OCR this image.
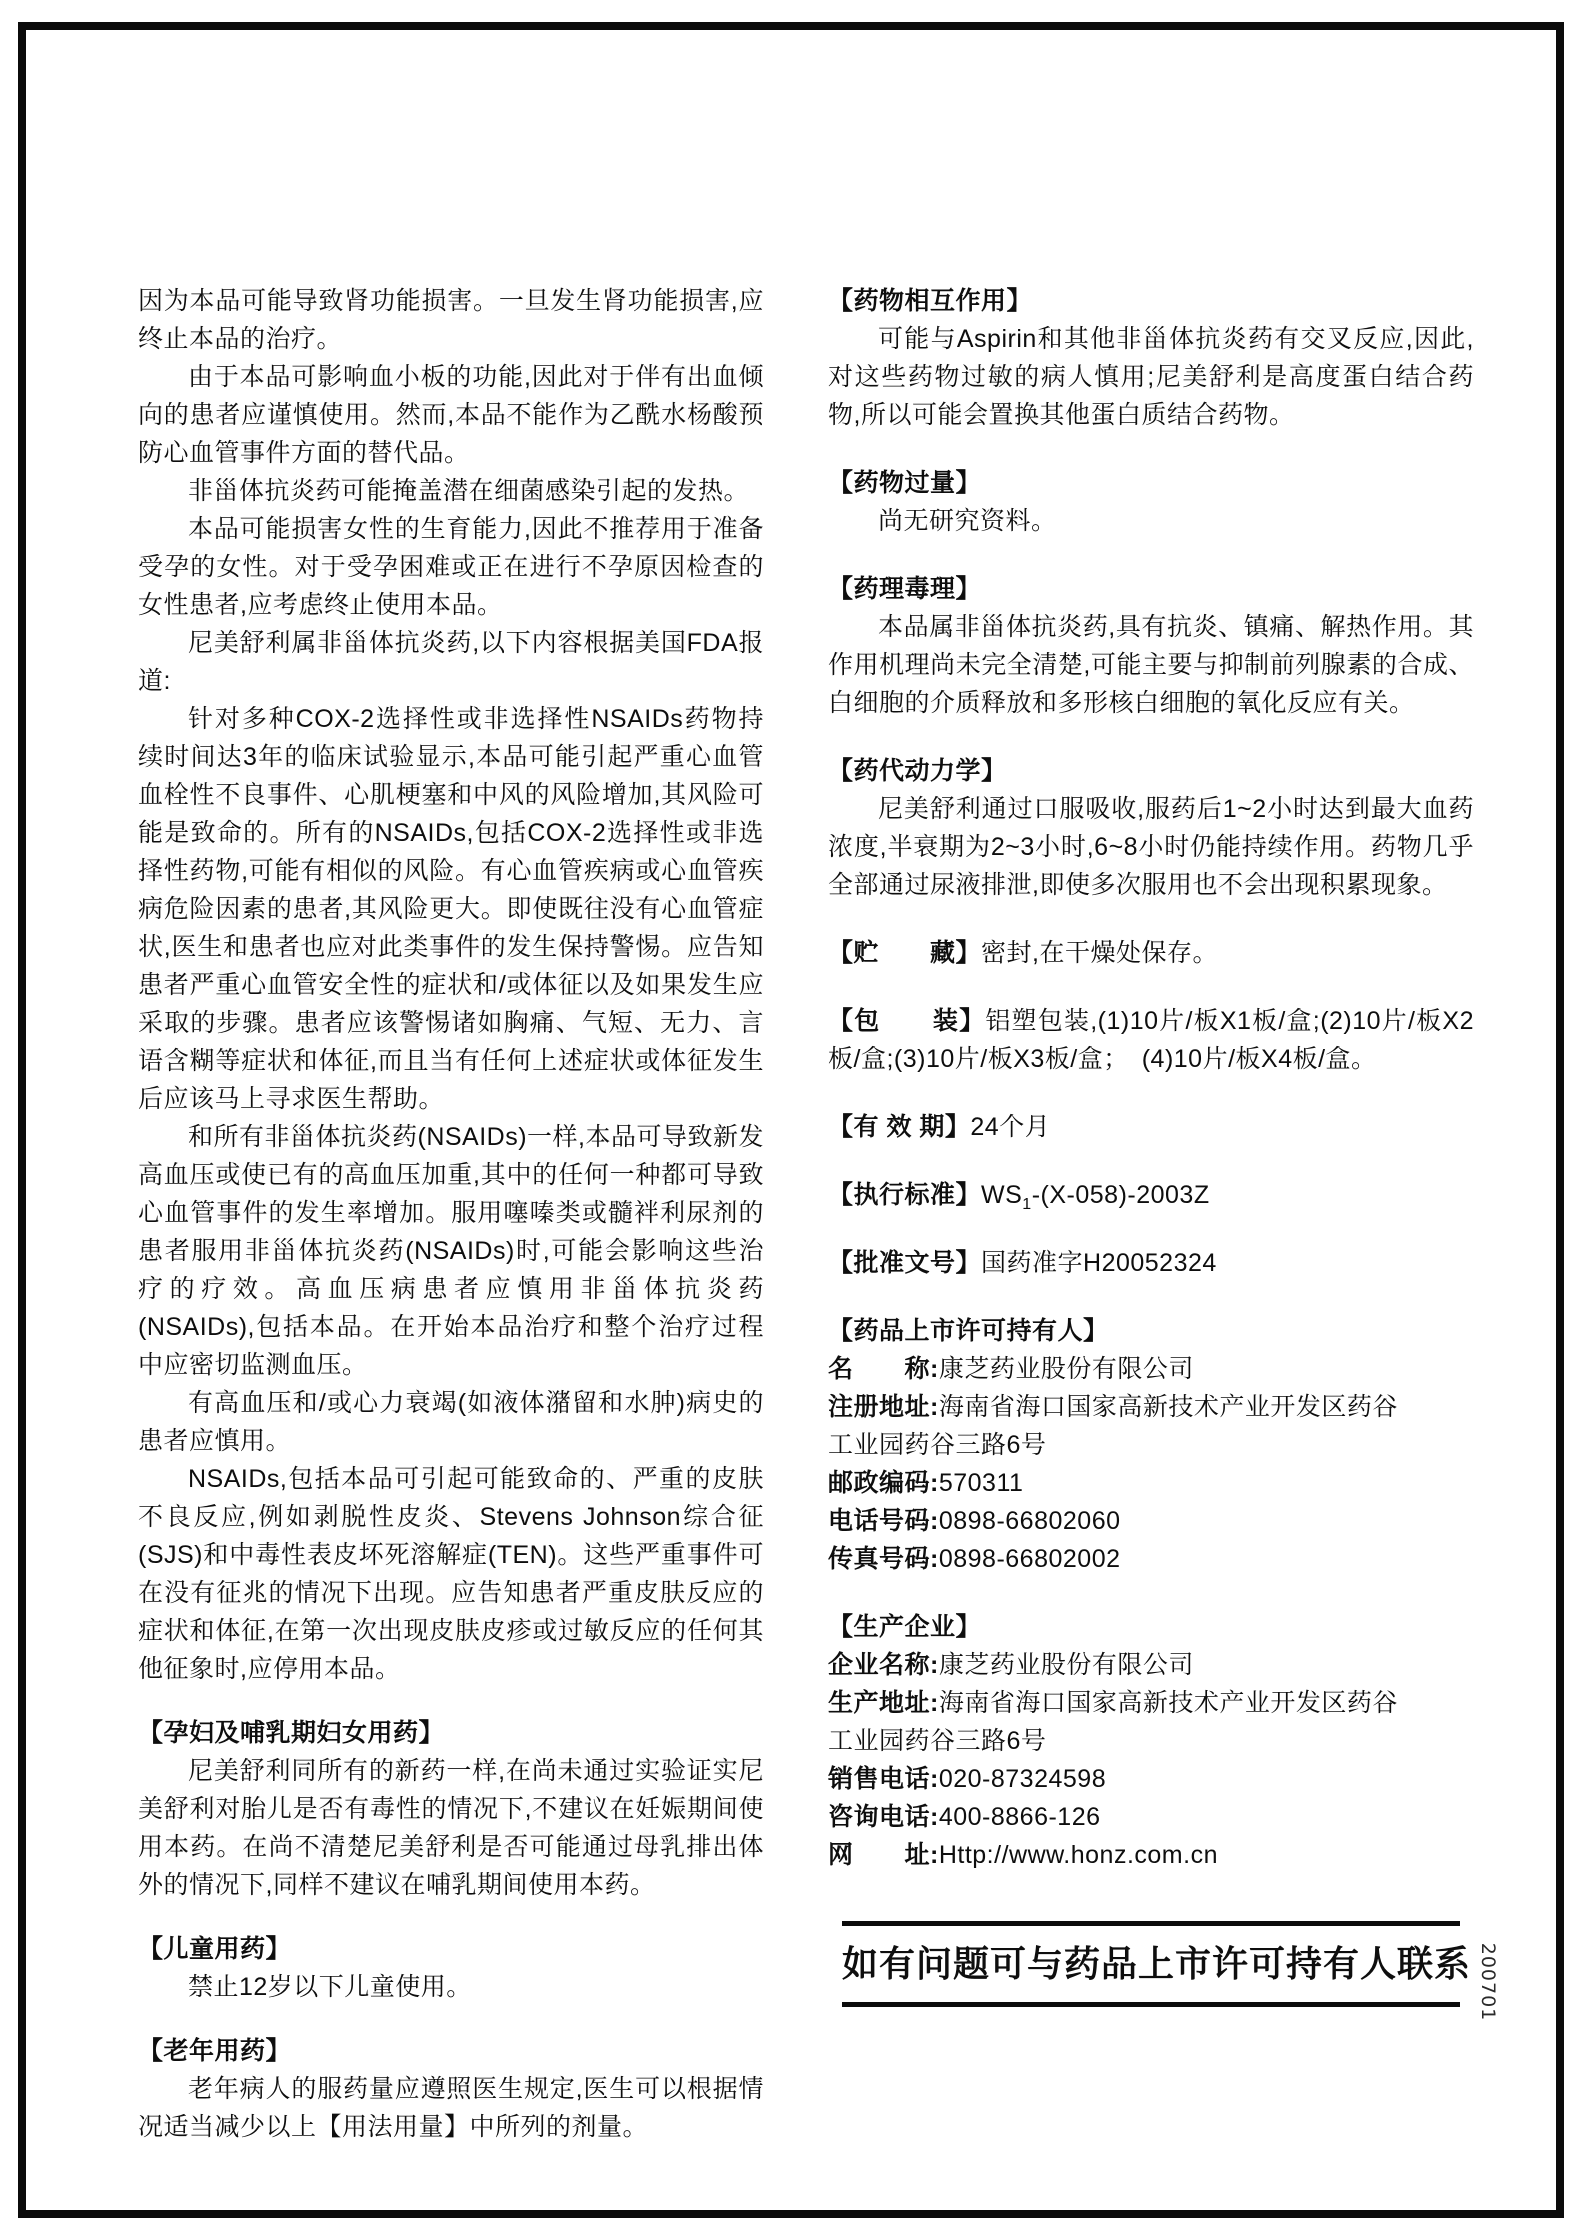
因为本品可能导致肾功能损害。一旦发生肾功能损害,应终止本品的治疗。
由于本品可影响血小板的功能,因此对于伴有出血倾向的患者应谨慎使用。然而,本品不能作为乙酰水杨酸预防心血管事件方面的替代品。
非甾体抗炎药可能掩盖潜在细菌感染引起的发热。
本品可能损害女性的生育能力,因此不推荐用于准备受孕的女性。对于受孕困难或正在进行不孕原因检查的女性患者,应考虑终止使用本品。
尼美舒利属非甾体抗炎药,以下内容根据美国FDA报道:
针对多种COX-2选择性或非选择性NSAIDs药物持续时间达3年的临床试验显示,本品可能引起严重心血管血栓性不良事件、心肌梗塞和中风的风险增加,其风险可能是致命的。所有的NSAIDs,包括COX-2选择性或非选择性药物,可能有相似的风险。有心血管疾病或心血管疾病危险因素的患者,其风险更大。即使既往没有心血管症状,医生和患者也应对此类事件的发生保持警惕。应告知患者严重心血管安全性的症状和/或体征以及如果发生应采取的步骤。患者应该警惕诸如胸痛、气短、无力、言语含糊等症状和体征,而且当有任何上述症状或体征发生后应该马上寻求医生帮助。
和所有非甾体抗炎药(NSAIDs)一样,本品可导致新发高血压或使已有的高血压加重,其中的任何一种都可导致心血管事件的发生率增加。服用噻嗪类或髓袢利尿剂的患者服用非甾体抗炎药(NSAIDs)时,可能会影响这些治疗的疗效。高血压病患者应慎用非甾体抗炎药(NSAIDs),包括本品。在开始本品治疗和整个治疗过程中应密切监测血压。
有高血压和/或心力衰竭(如液体潴留和水肿)病史的患者应慎用。
NSAIDs,包括本品可引起可能致命的、严重的皮肤不良反应,例如剥脱性皮炎、Stevens Johnson综合征(SJS)和中毒性表皮坏死溶解症(TEN)。这些严重事件可在没有征兆的情况下出现。应告知患者严重皮肤反应的症状和体征,在第一次出现皮肤皮疹或过敏反应的任何其他征象时,应停用本品。
【孕妇及哺乳期妇女用药】
尼美舒利同所有的新药一样,在尚未通过实验证实尼美舒利对胎儿是否有毒性的情况下,不建议在妊娠期间使用本药。在尚不清楚尼美舒利是否可能通过母乳排出体外的情况下,同样不建议在哺乳期间使用本药。
【儿童用药】
禁止12岁以下儿童使用。
【老年用药】
老年病人的服药量应遵照医生规定,医生可以根据情况适当减少以上【用法用量】中所列的剂量。
【药物相互作用】
可能与Aspirin和其他非甾体抗炎药有交叉反应,因此,对这些药物过敏的病人慎用;尼美舒利是高度蛋白结合药物,所以可能会置换其他蛋白质结合药物。
【药物过量】
尚无研究资料。
【药理毒理】
本品属非甾体抗炎药,具有抗炎、镇痛、解热作用。其作用机理尚未完全清楚,可能主要与抑制前列腺素的合成、白细胞的介质释放和多形核白细胞的氧化反应有关。
【药代动力学】
尼美舒利通过口服吸收,服药后1~2小时达到最大血药浓度,半衰期为2~3小时,6~8小时仍能持续作用。药物几乎全部通过尿液排泄,即使多次服用也不会出现积累现象。
【贮　　藏】密封,在干燥处保存。
【包　　装】铝塑包装,(1)10片/板X1板/盒;(2)10片/板X2板/盒;(3)10片/板X3板/盒；　(4)10片/板X4板/盒。
【有 效 期】24个月
【执行标准】$WS_1-(X-058)-2003Z$
【批准文号】国药准字H20052324
【药品上市许可持有人】
名　　称:康芝药业股份有限公司
注册地址:海南省海口国家高新技术产业开发区药谷
工业园药谷三路6号
邮政编码:570311
电话号码:0898-66802060
传真号码:0898-66802002
【生产企业】
企业名称:康芝药业股份有限公司
生产地址:海南省海口国家高新技术产业开发区药谷
工业园药谷三路6号
销售电话:020-87324598
咨询电话:400-8866-126
网　　址:Http://www.honz.com.cn
如有问题可与药品上市许可持有人联系 200701
